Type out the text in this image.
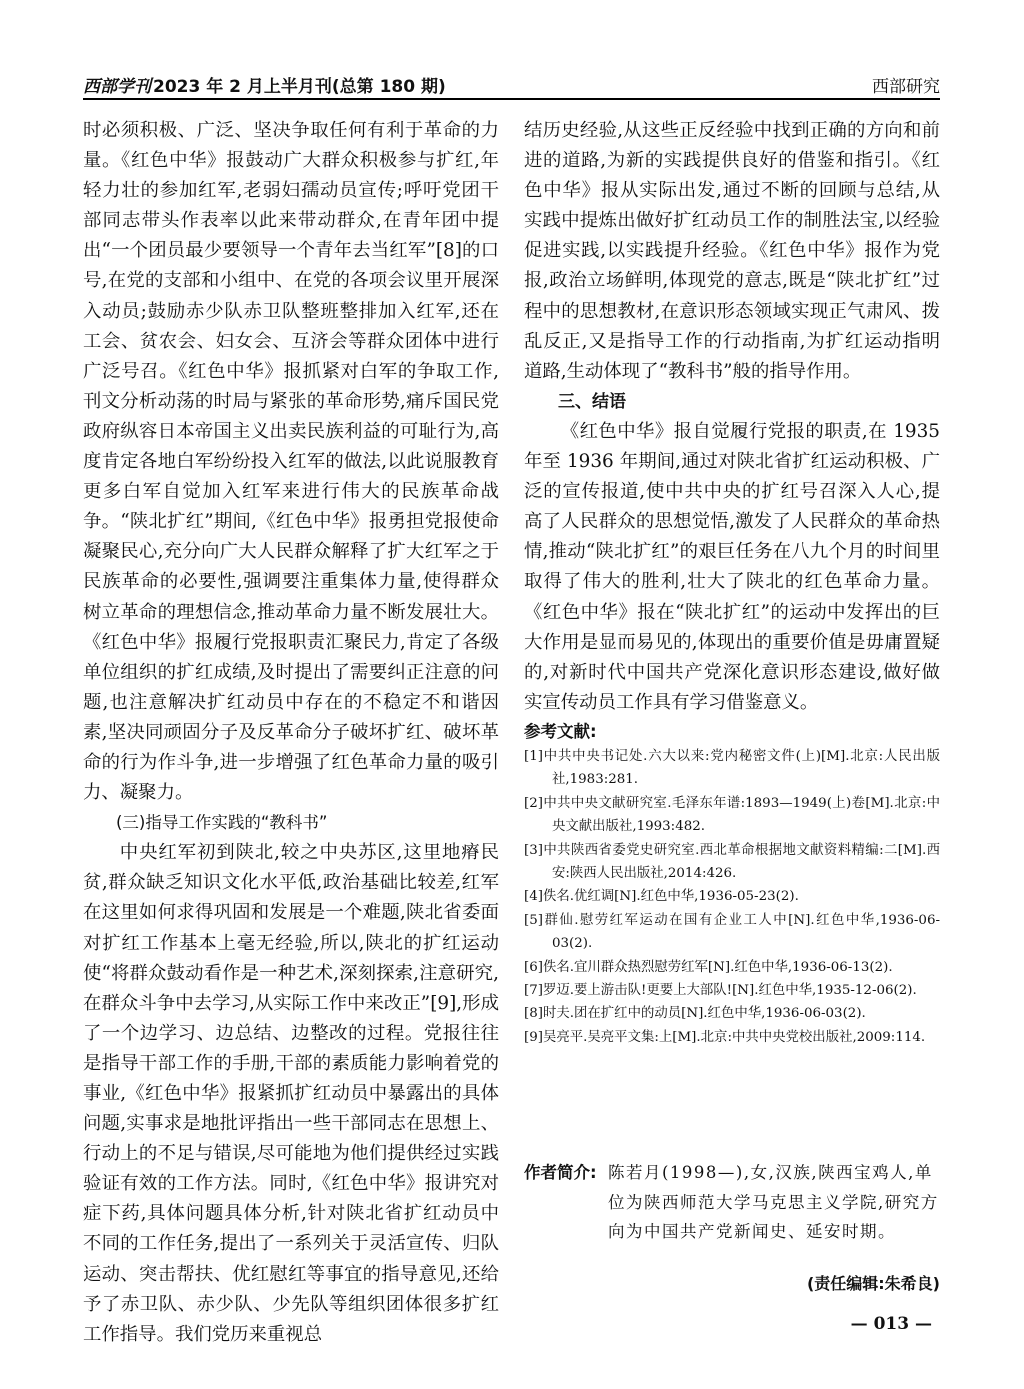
西部学刊 2023 年 2 月上半月刊(总第 180 期)	西部研究

时必须积极、广泛、坚决争取任何有利于革命的力量。《红色中华》报鼓动广大群众积极参与扩红,年轻力壮的参加红军,老弱妇孺动员宣传;呼吁党团干部同志带头作表率以此来带动群众,在青年团中提出“一个团员最少要领导一个青年去当红军”[8]的口号,在党的支部和小组中、在党的各项会议里开展深入动员;鼓励赤少队赤卫队整班整排加入红军,还在工会、贫农会、妇女会、互济会等群众团体中进行广泛号召。《红色中华》报抓紧对白军的争取工作,刊文分析动荡的时局与紧张的革命形势,痛斥国民党政府纵容日本帝国主义出卖民族利益的可耻行为,高度肯定各地白军纷纷投入红军的做法,以此说服教育更多白军自觉加入红军来进行伟大的民族革命战争。“陕北扩红”期间,《红色中华》报勇担党报使命凝聚民心,充分向广大人民群众解释了扩大红军之于民族革命的必要性,强调要注重集体力量,使得群众树立革命的理想信念,推动革命力量不断发展壮大。《红色中华》报履行党报职责汇聚民力,肯定了各级单位组织的扩红成绩,及时提出了需要纠正注意的问题,也注意解决扩红动员中存在的不稳定不和谐因素,坚决同顽固分子及反革命分子破坏扩红、破坏革命的行为作斗争,进一步增强了红色革命力量的吸引力、凝聚力。

(三)指导工作实践的“教科书”

中央红军初到陕北,较之中央苏区,这里地瘠民贫,群众缺乏知识文化水平低,政治基础比较差,红军在这里如何求得巩固和发展是一个难题,陕北省委面对扩红工作基本上毫无经验,所以,陕北的扩红运动使“将群众鼓动看作是一种艺术,深刻探索,注意研究,在群众斗争中去学习,从实际工作中来改正”[9],形成了一个边学习、边总结、边整改的过程。党报往往是指导干部工作的手册,干部的素质能力影响着党的事业,《红色中华》报紧抓扩红动员中暴露出的具体问题,实事求是地批评指出一些干部同志在思想上、行动上的不足与错误,尽可能地为他们提供经过实践验证有效的工作方法。同时,《红色中华》报讲究对症下药,具体问题具体分析,针对陕北省扩红动员中不同的工作任务,提出了一系列关于灵活宣传、归队运动、突击帮扶、优红慰红等事宜的指导意见,还给予了赤卫队、赤少队、少先队等组织团体很多扩红工作指导。我们党历来重视总

结历史经验,从这些正反经验中找到正确的方向和前进的道路,为新的实践提供良好的借鉴和指引。《红色中华》报从实际出发,通过不断的回顾与总结,从实践中提炼出做好扩红动员工作的制胜法宝,以经验促进实践,以实践提升经验。《红色中华》报作为党报,政治立场鲜明,体现党的意志,既是“陕北扩红”过程中的思想教材,在意识形态领域实现正气肃风、拨乱反正,又是指导工作的行动指南,为扩红运动指明道路,生动体现了“教科书”般的指导作用。

三、结语

《红色中华》报自觉履行党报的职责,在 1935 年至 1936 年期间,通过对陕北省扩红运动积极、广泛的宣传报道,使中共中央的扩红号召深入人心,提高了人民群众的思想觉悟,激发了人民群众的革命热情,推动“陕北扩红”的艰巨任务在八九个月的时间里取得了伟大的胜利,壮大了陕北的红色革命力量。《红色中华》报在“陕北扩红”的运动中发挥出的巨大作用是显而易见的,体现出的重要价值是毋庸置疑的,对新时代中国共产党深化意识形态建设,做好做实宣传动员工作具有学习借鉴意义。

参考文献:
[1]中共中央书记处.六大以来:党内秘密文件(上)[M].北京:人民出版社,1983:281.
[2]中共中央文献研究室.毛泽东年谱:1893—1949(上)卷[M].北京:中央文献出版社,1993:482.
[3]中共陕西省委党史研究室.西北革命根据地文献资料精编:二[M].西安:陕西人民出版社,2014:426.
[4]佚名.优红调[N].红色中华,1936-05-23(2).
[5]群仙.慰劳红军运动在国有企业工人中[N].红色中华,1936-06-03(2).
[6]佚名.宜川群众热烈慰劳红军[N].红色中华,1936-06-13(2).
[7]罗迈.要上游击队!更要上大部队![N].红色中华,1935-12-06(2).
[8]时夫.团在扩红中的动员[N].红色中华,1936-06-03(2).
[9]吴亮平.吴亮平文集:上[M].北京:中共中央党校出版社,2009:114.
作者简介: 陈若月(1998—),女,汉族,陕西宝鸡人,单位为陕西师范大学马克思主义学院,研究方向为中国共产党新闻史、延安时期。
(责任编辑:朱希良)
— 013 —
